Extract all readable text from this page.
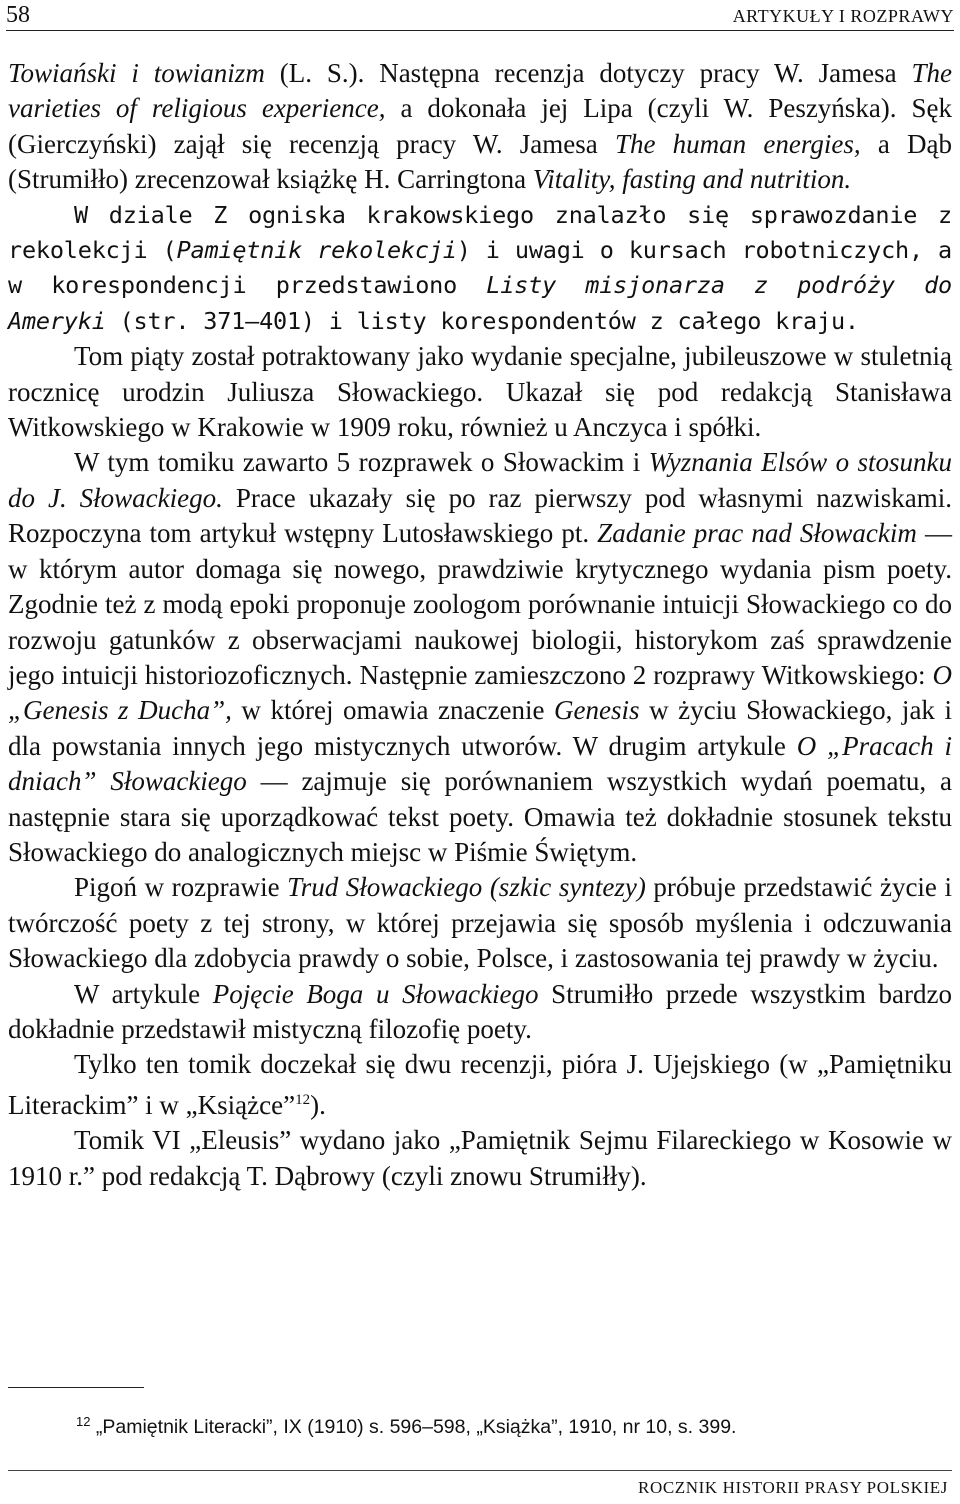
58	ARTYKUŁY I ROZPRAWY

Towiański i towianizm (L. S.). Następna recenzja dotyczy pracy W. Jamesa The varieties of religious experience, a dokonała jej Lipa (czyli W. Peszyńska). Sęk (Gierczyński) zajął się recenzją pracy W. Jamesa The human energies, a Dąb (Strumiłło) zrecenzował książkę H. Carringtona Vitality, fasting and nutrition.

W dziale Z ogniska krakowskiego znalazło się sprawozdanie z rekolekcji (Pamiętnik rekolekcji) i uwagi o kursach robotniczych, a w korespondencji przedstawiono Listy misjonarza z podróży do Ameryki (str. 371–401) i listy korespondentów z całego kraju.

Tom piąty został potraktowany jako wydanie specjalne, jubileuszowe w stuletnią rocznicę urodzin Juliusza Słowackiego. Ukazał się pod redakcją Stanisława Witkowskiego w Krakowie w 1909 roku, również u Anczyca i spółki.

W tym tomiku zawarto 5 rozprawek o Słowackim i Wyznania Elsów o stosunku do J. Słowackiego. Prace ukazały się po raz pierwszy pod własnymi nazwiskami. Rozpoczyna tom artykuł wstępny Lutosławskiego pt. Zadanie prac nad Słowackim — w którym autor domaga się nowego, prawdziwie krytycznego wydania pism poety. Zgodnie też z modą epoki proponuje zoologom porównanie intuicji Słowackiego co do rozwoju gatunków z obserwacjami naukowej biologii, historykom zaś sprawdzenie jego intuicji historiozoficznych. Następnie zamieszczono 2 rozprawy Witkowskiego: O „Genesis z Ducha”, w której omawia znaczenie Genesis w życiu Słowackiego, jak i dla powstania innych jego mistycznych utworów. W drugim artykule O „Pracach i dniach” Słowackiego — zajmuje się porównaniem wszystkich wydań poematu, a następnie stara się uporządkować tekst poety. Omawia też dokładnie stosunek tekstu Słowackiego do analogicznych miejsc w Piśmie Świętym.

Pigoń w rozprawie Trud Słowackiego (szkic syntezy) próbuje przedstawić życie i twórczość poety z tej strony, w której przejawia się sposób myślenia i odczuwania Słowackiego dla zdobycia prawdy o sobie, Polsce, i zastosowania tej prawdy w życiu.

W artykule Pojęcie Boga u Słowackiego Strumiłło przede wszystkim bardzo dokładnie przedstawił mistyczną filozofię poety.

Tylko ten tomik doczekał się dwu recenzji, pióra J. Ujejskiego (w „Pamiętniku Literackim” i w „Książce”$^{12}$).

Tomik VI „Eleusis” wydano jako „Pamiętnik Sejmu Filareckiego w Kosowie w 1910 r.” pod redakcją T. Dąbrowy (czyli znowu Strumiłły).

$^{12}$ „Pamiętnik Literacki”, IX (1910) s. 596–598, „Książka”, 1910, nr 10, s. 399.
ROCZNIK HISTORII PRASY POLSKIEJ
